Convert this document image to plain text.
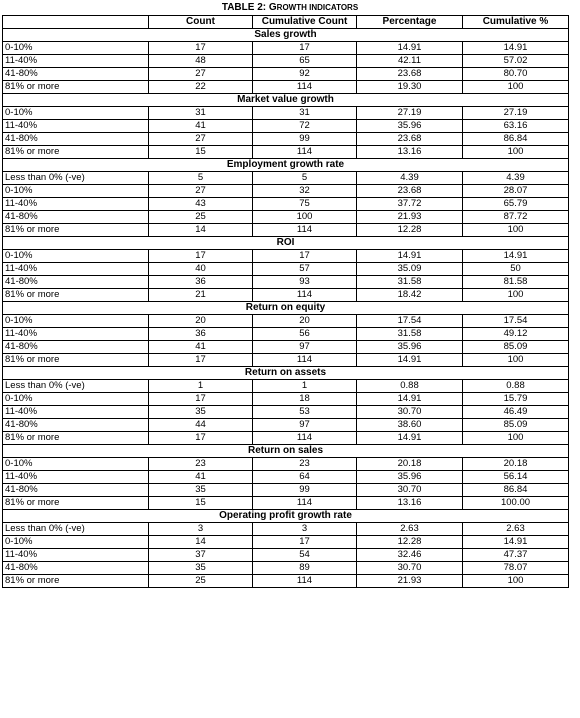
TABLE 2: GROWTH INDICATORS
	Count	Cumulative Count	Percentage	Cumulative %
Sales growth				
0-10%	17	17	14.91	14.91
11-40%	48	65	42.11	57.02
41-80%	27	92	23.68	80.70
81% or more	22	114	19.30	100
Market value growth				
0-10%	31	31	27.19	27.19
11-40%	41	72	35.96	63.16
41-80%	27	99	23.68	86.84
81% or more	15	114	13.16	100
Employment growth rate				
Less than 0% (-ve)	5	5	4.39	4.39
0-10%	27	32	23.68	28.07
11-40%	43	75	37.72	65.79
41-80%	25	100	21.93	87.72
81% or more	14	114	12.28	100
ROI				
0-10%	17	17	14.91	14.91
11-40%	40	57	35.09	50
41-80%	36	93	31.58	81.58
81% or more	21	114	18.42	100
Return on equity				
0-10%	20	20	17.54	17.54
11-40%	36	56	31.58	49.12
41-80%	41	97	35.96	85.09
81% or more	17	114	14.91	100
Return on assets				
Less than 0% (-ve)	1	1	0.88	0.88
0-10%	17	18	14.91	15.79
11-40%	35	53	30.70	46.49
41-80%	44	97	38.60	85.09
81% or more	17	114	14.91	100
Return on sales				
0-10%	23	23	20.18	20.18
11-40%	41	64	35.96	56.14
41-80%	35	99	30.70	86.84
81% or more	15	114	13.16	100.00
Operating profit growth rate				
Less than 0% (-ve)	3	3	2.63	2.63
0-10%	14	17	12.28	14.91
11-40%	37	54	32.46	47.37
41-80%	35	89	30.70	78.07
81% or more	25	114	21.93	100
